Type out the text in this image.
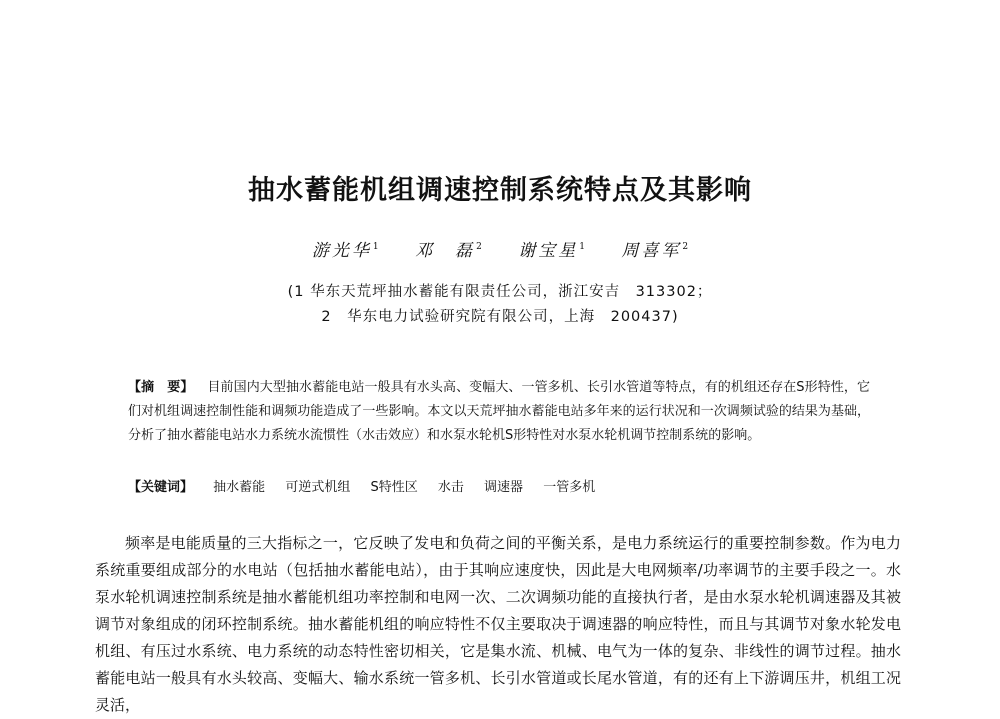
抽水蓄能机组调速控制系统特点及其影响
游光华$^1$ 邓　磊$^2$ 谢宝星$^1$ 周喜军$^2$
(1 华东天荒坪抽水蓄能有限责任公司，浙江安吉　313302；
2　华东电力试验研究院有限公司，上海　200437)
【摘　要】 目前国内大型抽水蓄能电站一般具有水头高、变幅大、一管多机、长引水管道等特点，有的机组还存在S形特性，它们对机组调速控制性能和调频功能造成了一些影响。本文以天荒坪抽水蓄能电站多年来的运行状况和一次调频试验的结果为基础，分析了抽水蓄能电站水力系统水流惯性（水击效应）和水泵水轮机S形特性对水泵水轮机调节控制系统的影响。
【关键词】 抽水蓄能 可逆式机组 S特性区 水击 调速器 一管多机
频率是电能质量的三大指标之一，它反映了发电和负荷之间的平衡关系，是电力系统运行的重要控制参数。作为电力系统重要组成部分的水电站（包括抽水蓄能电站），由于其响应速度快，因此是大电网频率/功率调节的主要手段之一。水泵水轮机调速控制系统是抽水蓄能机组功率控制和电网一次、二次调频功能的直接执行者，是由水泵水轮机调速器及其被调节对象组成的闭环控制系统。抽水蓄能机组的响应特性不仅主要取决于调速器的响应特性，而且与其调节对象水轮发电机组、有压过水系统、电力系统的动态特性密切相关，它是集水流、机械、电气为一体的复杂、非线性的调节过程。抽水蓄能电站一般具有水头较高、变幅大、输水系统一管多机、长引水管道或长尾水管道，有的还有上下游调压井，机组工况灵活，
